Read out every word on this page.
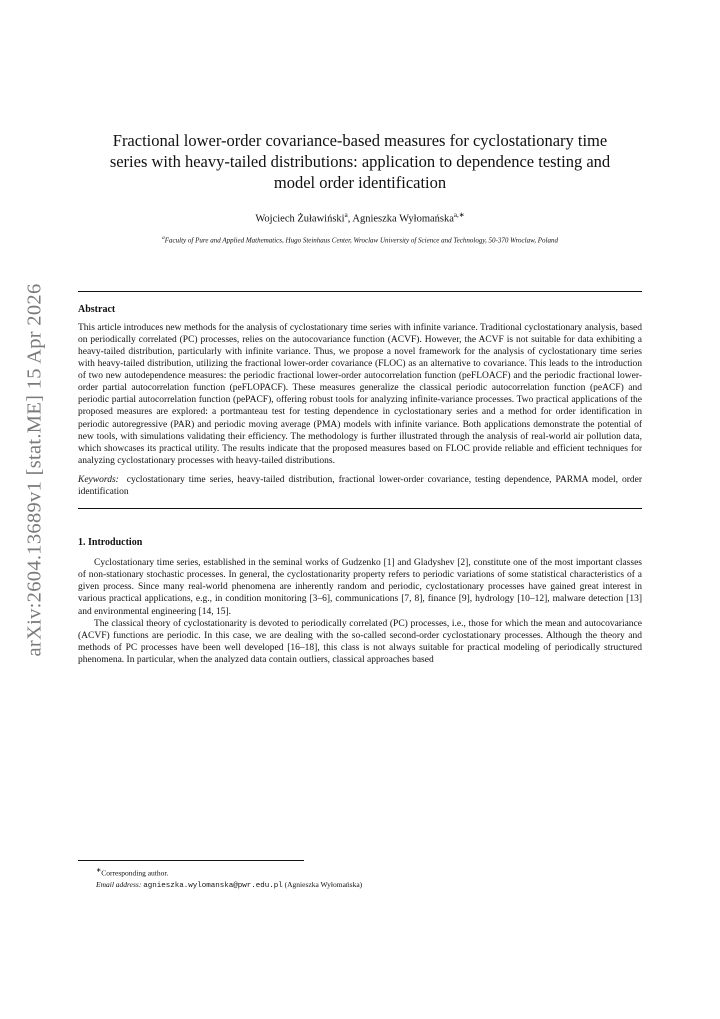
arXiv:2604.13689v1 [stat.ME] 15 Apr 2026
Fractional lower-order covariance-based measures for cyclostationary time series with heavy-tailed distributions: application to dependence testing and model order identification
Wojciech Żuławiński$^a$, Agnieszka Wyłomańska$^{a,∗}$
$^a$Faculty of Pure and Applied Mathematics, Hugo Steinhaus Center, Wroclaw University of Science and Technology, 50-370 Wroclaw, Poland
Abstract

This article introduces new methods for the analysis of cyclostationary time series with infinite variance. Traditional cyclostationary analysis, based on periodically correlated (PC) processes, relies on the autocovariance function (ACVF). However, the ACVF is not suitable for data exhibiting a heavy-tailed distribution, particularly with infinite variance. Thus, we propose a novel framework for the analysis of cyclostationary time series with heavy-tailed distribution, utilizing the fractional lower-order covariance (FLOC) as an alternative to covariance. This leads to the introduction of two new autodependence measures: the periodic fractional lower-order autocorrelation function (peFLOACF) and the periodic fractional lower-order partial autocorrelation function (peFLOPACF). These measures generalize the classical periodic autocorrelation function (peACF) and periodic partial autocorrelation function (pePACF), offering robust tools for analyzing infinite-variance processes. Two practical applications of the proposed measures are explored: a portmanteau test for testing dependence in cyclostationary series and a method for order identification in periodic autoregressive (PAR) and periodic moving average (PMA) models with infinite variance. Both applications demonstrate the potential of new tools, with simulations validating their efficiency. The methodology is further illustrated through the analysis of real-world air pollution data, which showcases its practical utility. The results indicate that the proposed measures based on FLOC provide reliable and efficient techniques for analyzing cyclostationary processes with heavy-tailed distributions.

Keywords: cyclostationary time series, heavy-tailed distribution, fractional lower-order covariance, testing dependence, PARMA model, order identification

1. Introduction

Cyclostationary time series, established in the seminal works of Gudzenko [1] and Gladyshev [2], constitute one of the most important classes of non-stationary stochastic processes. In general, the cyclostationarity property refers to periodic variations of some statistical characteristics of a given process. Since many real-world phenomena are inherently random and periodic, cyclostationary processes have gained great interest in various practical applications, e.g., in condition monitoring [3–6], communications [7, 8], finance [9], hydrology [10–12], malware detection [13] and environmental engineering [14, 15].

The classical theory of cyclostationarity is devoted to periodically correlated (PC) processes, i.e., those for which the mean and autocovariance (ACVF) functions are periodic. In this case, we are dealing with the so-called second-order cyclostationary processes. Although the theory and methods of PC processes have been well developed [16–18], this class is not always suitable for practical modeling of periodically structured phenomena. In particular, when the analyzed data contain outliers, classical approaches based

∗Corresponding author.
Email address: agnieszka.wylomanska@pwr.edu.pl (Agnieszka Wyłomańska)
